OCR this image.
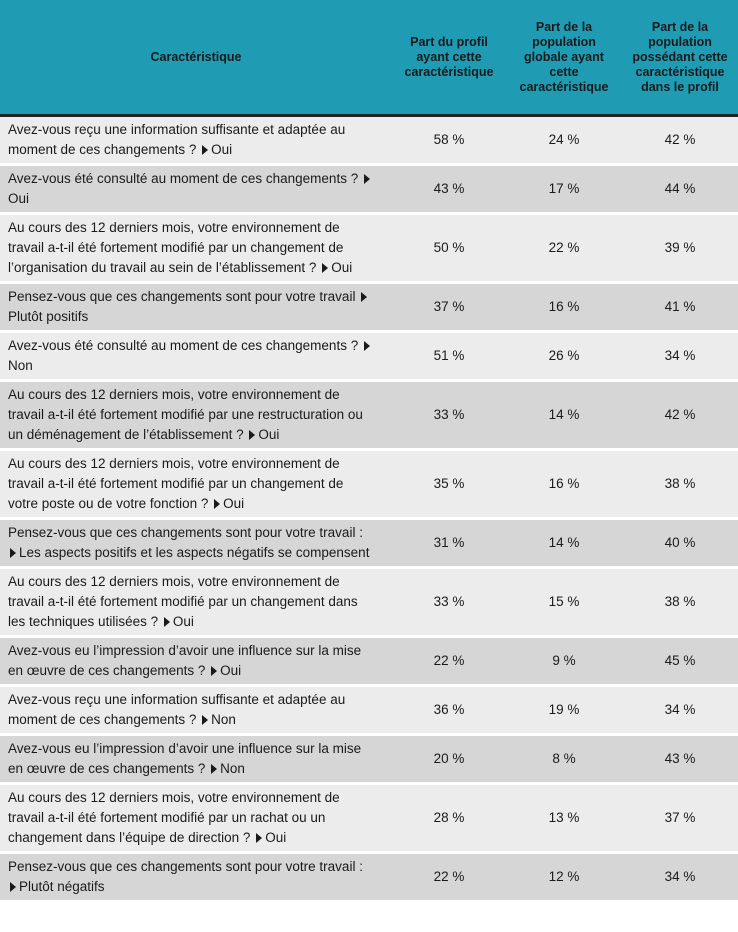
Caractéristique	Part du profil ayant cette caractéristique	Part de la population globale ayant cette caractéristique	Part de la population possédant cette caractéristique dans le profil
Avez-vous reçu une information suffisante et adaptée au moment de ces changements ? Oui	58 %	24 %	42 %
Avez-vous été consulté au moment de ces changements ? Oui	43 %	17 %	44 %
Au cours des 12 derniers mois, votre environnement de travail a-t-il été fortement modifié par un changement de l’organisation du travail au sein de l’établissement ? Oui	50 %	22 %	39 %
Pensez-vous que ces changements sont pour votre travail Plutôt positifs	37 %	16 %	41 %
Avez-vous été consulté au moment de ces changements ? Non	51 %	26 %	34 %
Au cours des 12 derniers mois, votre environnement de travail a-t-il été fortement modifié par une restructuration ou un déménagement de l’établissement ? Oui	33 %	14 %	42 %
Au cours des 12 derniers mois, votre environnement de travail a-t-il été fortement modifié par un changement de votre poste ou de votre fonction ? Oui	35 %	16 %	38 %
Pensez-vous que ces changements sont pour votre travail : Les aspects positifs et les aspects négatifs se compensent	31 %	14 %	40 %
Au cours des 12 derniers mois, votre environnement de travail a-t-il été fortement modifié par un changement dans les techniques utilisées ? Oui	33 %	15 %	38 %
Avez-vous eu l’impression d’avoir une influence sur la mise en œuvre de ces changements ? Oui	22 %	9 %	45 %
Avez-vous reçu une information suffisante et adaptée au moment de ces changements ? Non	36 %	19 %	34 %
Avez-vous eu l’impression d’avoir une influence sur la mise en œuvre de ces changements ? Non	20 %	8 %	43 %
Au cours des 12 derniers mois, votre environnement de travail a-t-il été fortement modifié par un rachat ou un changement dans l’équipe de direction ? Oui	28 %	13 %	37 %
Pensez-vous que ces changements sont pour votre travail : Plutôt négatifs	22 %	12 %	34 %
